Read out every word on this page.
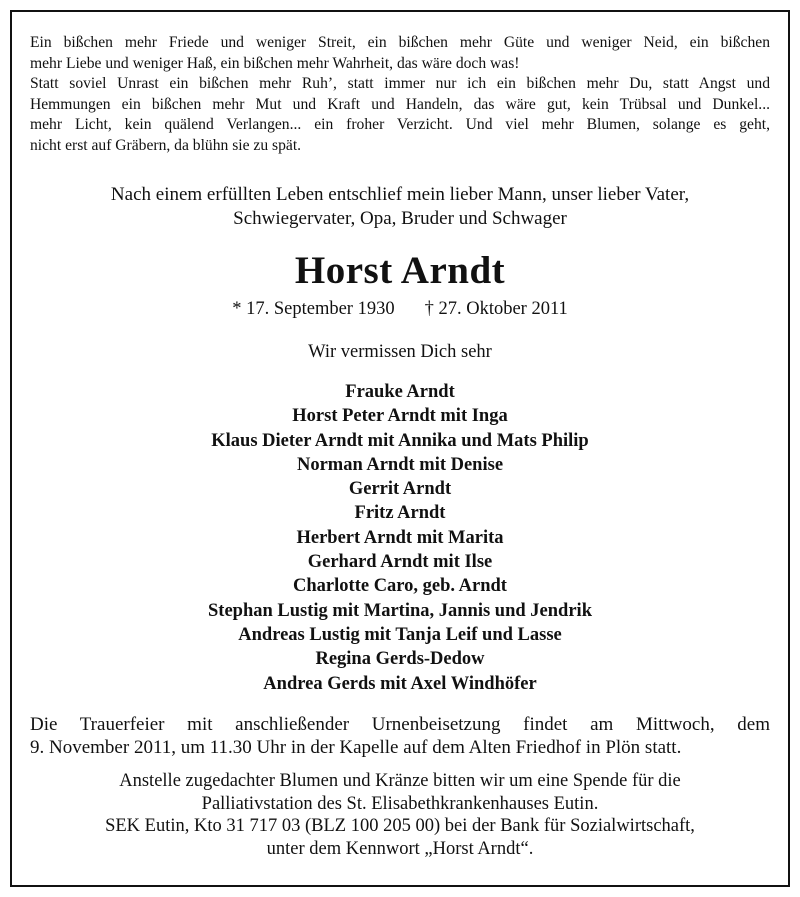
Ein bißchen mehr Friede und weniger Streit, ein bißchen mehr Güte und weniger Neid, ein bißchen
mehr Liebe und weniger Haß, ein bißchen mehr Wahrheit, das wäre doch was!
Statt soviel Unrast ein bißchen mehr Ruh’, statt immer nur ich ein bißchen mehr Du, statt Angst und
Hemmungen ein bißchen mehr Mut und Kraft und Handeln, das wäre gut, kein Trübsal und Dunkel...
mehr Licht, kein quälend Verlangen... ein froher Verzicht. Und viel mehr Blumen, solange es geht,
nicht erst auf Gräbern, da blühn sie zu spät.
Nach einem erfüllten Leben entschlief mein lieber Mann, unser lieber Vater,
Schwiegervater, Opa, Bruder und Schwager
Horst Arndt
* 17. September 1930 † 27. Oktober 2011
Wir vermissen Dich sehr
Frauke Arndt
Horst Peter Arndt mit Inga
Klaus Dieter Arndt mit Annika und Mats Philip
Norman Arndt mit Denise
Gerrit Arndt
Fritz Arndt
Herbert Arndt mit Marita
Gerhard Arndt mit Ilse
Charlotte Caro, geb. Arndt
Stephan Lustig mit Martina, Jannis und Jendrik
Andreas Lustig mit Tanja Leif und Lasse
Regina Gerds-Dedow
Andrea Gerds mit Axel Windhöfer
Die Trauerfeier mit anschließender Urnenbeisetzung findet am Mittwoch, dem
9. November 2011, um 11.30 Uhr in der Kapelle auf dem Alten Friedhof in Plön statt.
Anstelle zugedachter Blumen und Kränze bitten wir um eine Spende für die
Palliativstation des St. Elisabethkrankenhauses Eutin.
SEK Eutin, Kto 31 717 03 (BLZ 100 205 00) bei der Bank für Sozialwirtschaft,
unter dem Kennwort „Horst Arndt“.
